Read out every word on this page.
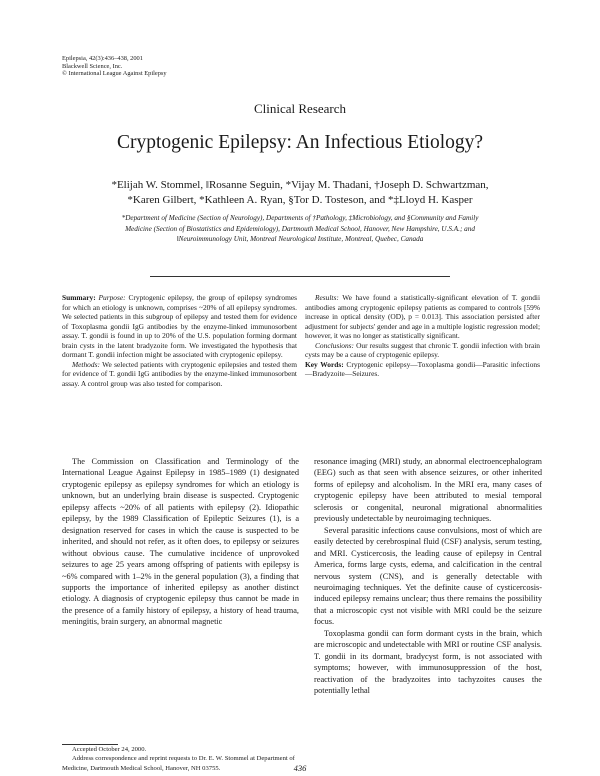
Epilepsia, 42(3):436–438, 2001
Blackwell Science, Inc.
© International League Against Epilepsy
Clinical Research
Cryptogenic Epilepsy: An Infectious Etiology?
*Elijah W. Stommel, ‖Rosanne Seguin, *Vijay M. Thadani, †Joseph D. Schwartzman,
*Karen Gilbert, *Kathleen A. Ryan, §Tor D. Tosteson, and *‡Lloyd H. Kasper
*Department of Medicine (Section of Neurology), Departments of †Pathology, ‡Microbiology, and §Community and Family
Medicine (Section of Biostatistics and Epidemiology), Dartmouth Medical School, Hanover, New Hampshire, U.S.A.; and
‖Neuroimmunology Unit, Montreal Neurological Institute, Montreal, Quebec, Canada

Summary: Purpose: Cryptogenic epilepsy, the group of epilepsy syndromes for which an etiology is unknown, comprises ~20% of all epilepsy syndromes. We selected patients in this subgroup of epilepsy and tested them for evidence of Toxoplasma gondii IgG antibodies by the enzyme-linked immunosorbent assay. T. gondii is found in up to 20% of the U.S. population forming dormant brain cysts in the latent bradyzoite form. We investigated the hypothesis that dormant T. gondii infection might be associated with cryptogenic epilepsy.

Methods: We selected patients with cryptogenic epilepsies and tested them for evidence of T. gondii IgG antibodies by the enzyme-linked immunosorbent assay. A control group was also tested for comparison.

Results: We have found a statistically-significant elevation of T. gondii antibodies among cryptogenic epilepsy patients as compared to controls [59% increase in optical density (OD), p = 0.013]. This association persisted after adjustment for subjects' gender and age in a multiple logistic regression model; however, it was no longer as statistically significant.

Conclusions: Our results suggest that chronic T. gondii infection with brain cysts may be a cause of cryptogenic epilepsy.

Key Words: Cryptogenic epilepsy—Toxoplasma gondii—Parasitic infections—Bradyzoite—Seizures.

The Commission on Classification and Terminology of the International League Against Epilepsy in 1985–1989 (1) designated cryptogenic epilepsy as epilepsy syndromes for which an etiology is unknown, but an underlying brain disease is suspected. Cryptogenic epilepsy affects ~20% of all patients with epilepsy (2). Idiopathic epilepsy, by the 1989 Classification of Epileptic Seizures (1), is a designation reserved for cases in which the cause is suspected to be inherited, and should not refer, as it often does, to epilepsy or seizures without obvious cause. The cumulative incidence of unprovoked seizures to age 25 years among offspring of patients with epilepsy is ~6% compared with 1–2% in the general population (3), a finding that supports the importance of inherited epilepsy as another distinct etiology. A diagnosis of cryptogenic epilepsy thus cannot be made in the presence of a family history of epilepsy, a history of head trauma, meningitis, brain surgery, an abnormal magnetic

resonance imaging (MRI) study, an abnormal electroencephalogram (EEG) such as that seen with absence seizures, or other inherited forms of epilepsy and alcoholism. In the MRI era, many cases of cryptogenic epilepsy have been attributed to mesial temporal sclerosis or congenital, neuronal migrational abnormalities previously undetectable by neuroimaging techniques.

Several parasitic infections cause convulsions, most of which are easily detected by cerebrospinal fluid (CSF) analysis, serum testing, and MRI. Cysticercosis, the leading cause of epilepsy in Central America, forms large cysts, edema, and calcification in the central nervous system (CNS), and is generally detectable with neuroimaging techniques. Yet the definite cause of cysticercosis-induced epilepsy remains unclear; thus there remains the possibility that a microscopic cyst not visible with MRI could be the seizure focus.

Toxoplasma gondii can form dormant cysts in the brain, which are microscopic and undetectable with MRI or routine CSF analysis. T. gondii in its dormant, bradycyst form, is not associated with symptoms; however, with immunosuppression of the host, reactivation of the bradyzoites into tachyzoites causes the potentially lethal

Accepted October 24, 2000.

Address correspondence and reprint requests to Dr. E. W. Stommel at Department of Medicine, Dartmouth Medical School, Hanover, NH 03755.	436
